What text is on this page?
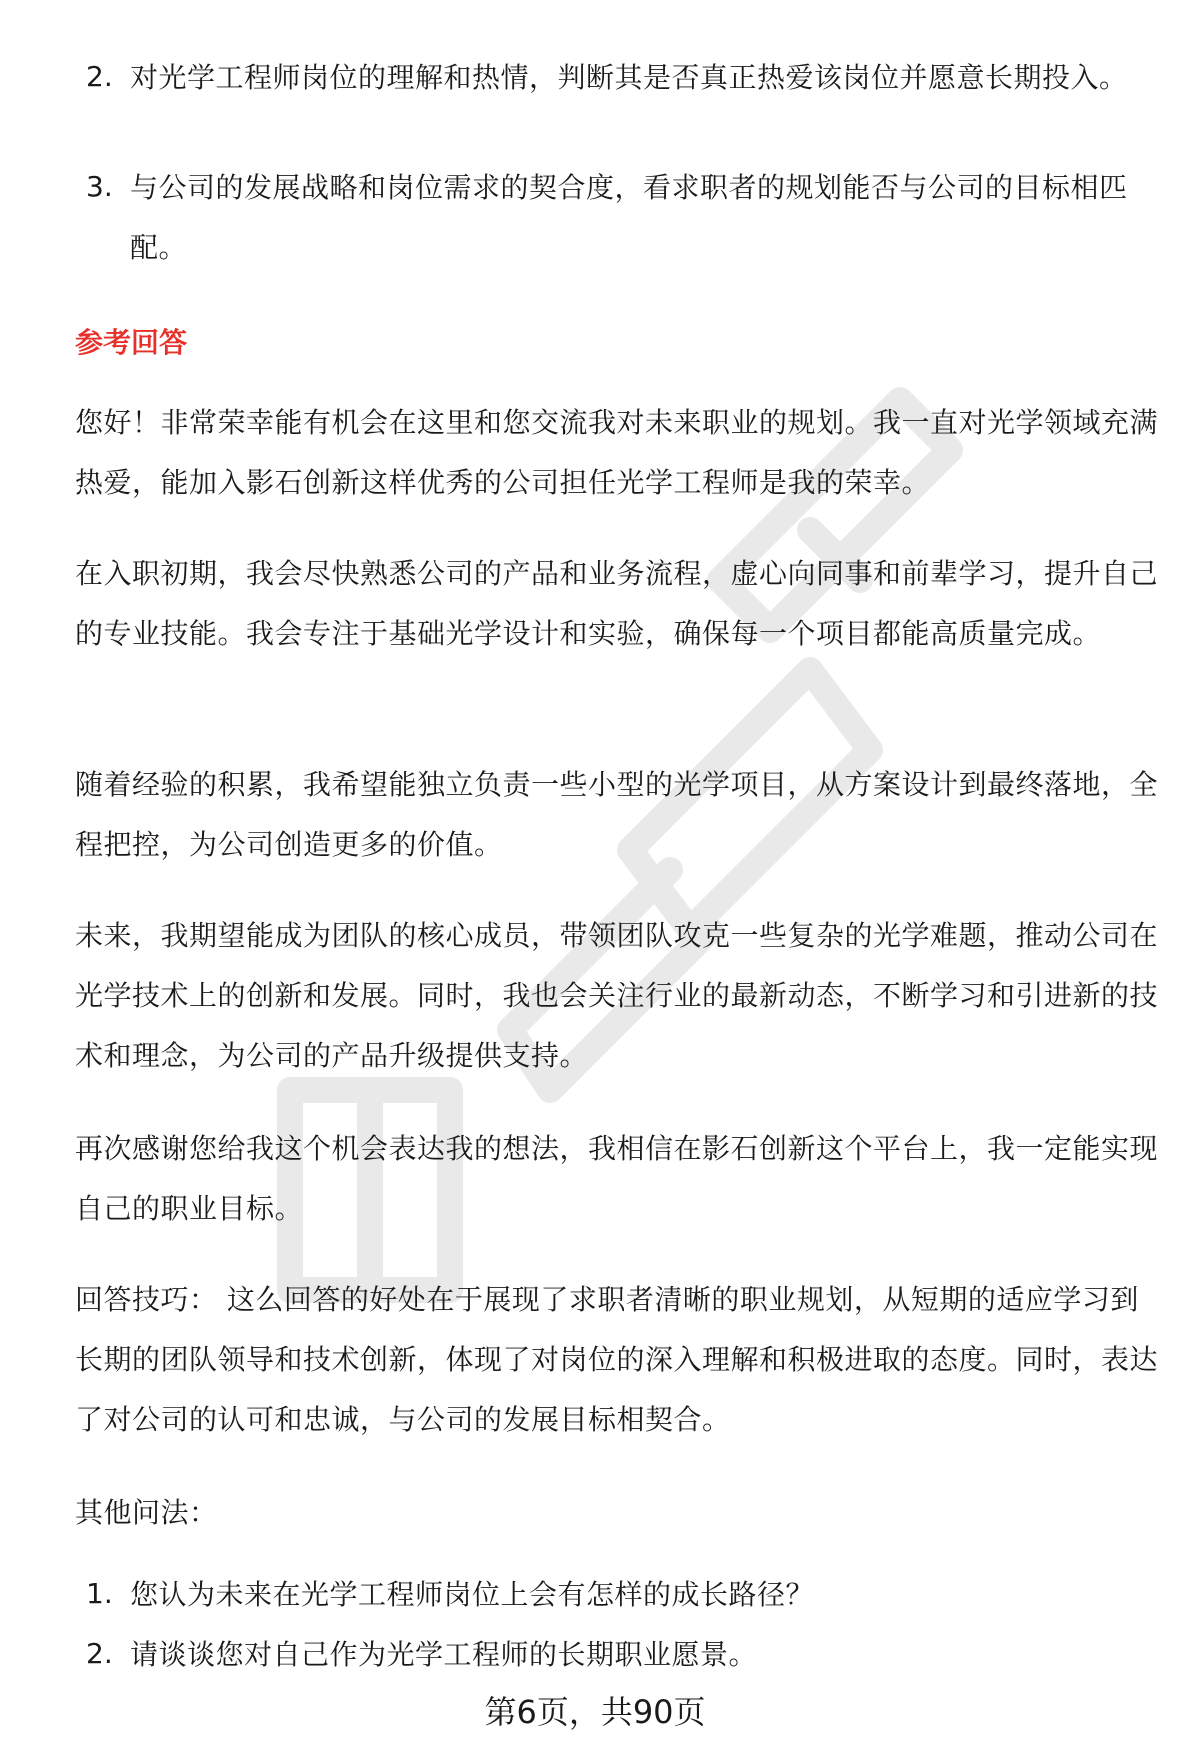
2. 对光学工程师岗位的理解和热情，判断其是否真正热爱该岗位并愿意长期投入。
3. 与公司的发展战略和岗位需求的契合度，看求职者的规划能否与公司的目标相匹配。
参考回答
您好！非常荣幸能有机会在这里和您交流我对未来职业的规划。我一直对光学领域充满热爱，能加入影石创新这样优秀的公司担任光学工程师是我的荣幸。
在入职初期，我会尽快熟悉公司的产品和业务流程，虚心向同事和前辈学习，提升自己的专业技能。我会专注于基础光学设计和实验，确保每一个项目都能高质量完成。
随着经验的积累，我希望能独立负责一些小型的光学项目，从方案设计到最终落地，全程把控，为公司创造更多的价值。
未来，我期望能成为团队的核心成员，带领团队攻克一些复杂的光学难题，推动公司在光学技术上的创新和发展。同时，我也会关注行业的最新动态，不断学习和引进新的技术和理念，为公司的产品升级提供支持。
再次感谢您给我这个机会表达我的想法，我相信在影石创新这个平台上，我一定能实现自己的职业目标。
回答技巧： 这么回答的好处在于展现了求职者清晰的职业规划，从短期的适应学习到长期的团队领导和技术创新，体现了对岗位的深入理解和积极进取的态度。同时，表达了对公司的认可和忠诚，与公司的发展目标相契合。
其他问法：
1. 您认为未来在光学工程师岗位上会有怎样的成长路径？
2. 请谈谈您对自己作为光学工程师的长期职业愿景。
第6页，共90页
